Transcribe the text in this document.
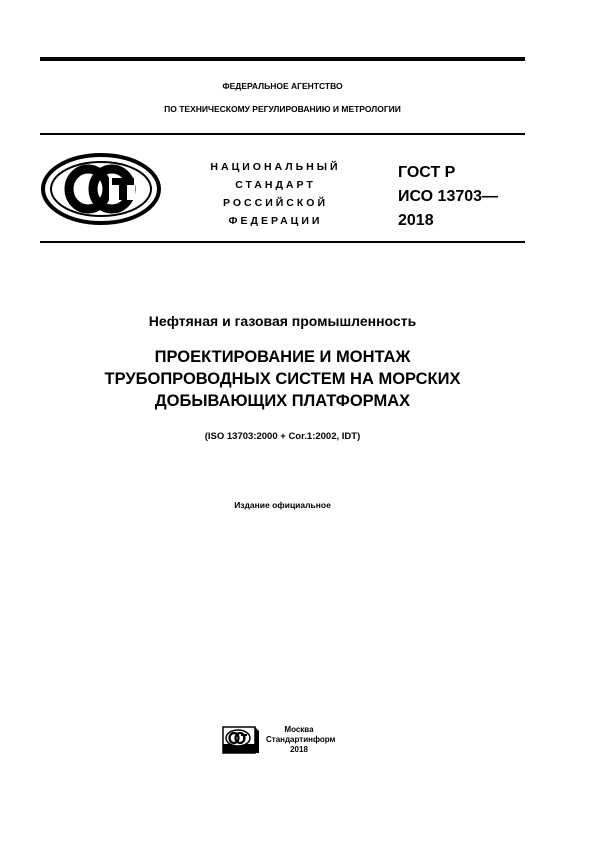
ФЕДЕРАЛЬНОЕ АГЕНТСТВО
ПО ТЕХНИЧЕСКОМУ РЕГУЛИРОВАНИЮ И МЕТРОЛОГИИ
НАЦИОНАЛЬНЫЙ
СТАНДАРТ
РОССИЙСКОЙ
ФЕДЕРАЦИИ
ГОСТ Р
ИСО 13703—
2018
Нефтяная и газовая промышленность
ПРОЕКТИРОВАНИЕ И МОНТАЖ
ТРУБОПРОВОДНЫХ СИСТЕМ НА МОРСКИХ
ДОБЫВАЮЩИХ ПЛАТФОРМАХ
(ISO 13703:2000 + Cor.1:2002, IDT)
Издание официальное
Москва
Стандартинформ
2018
